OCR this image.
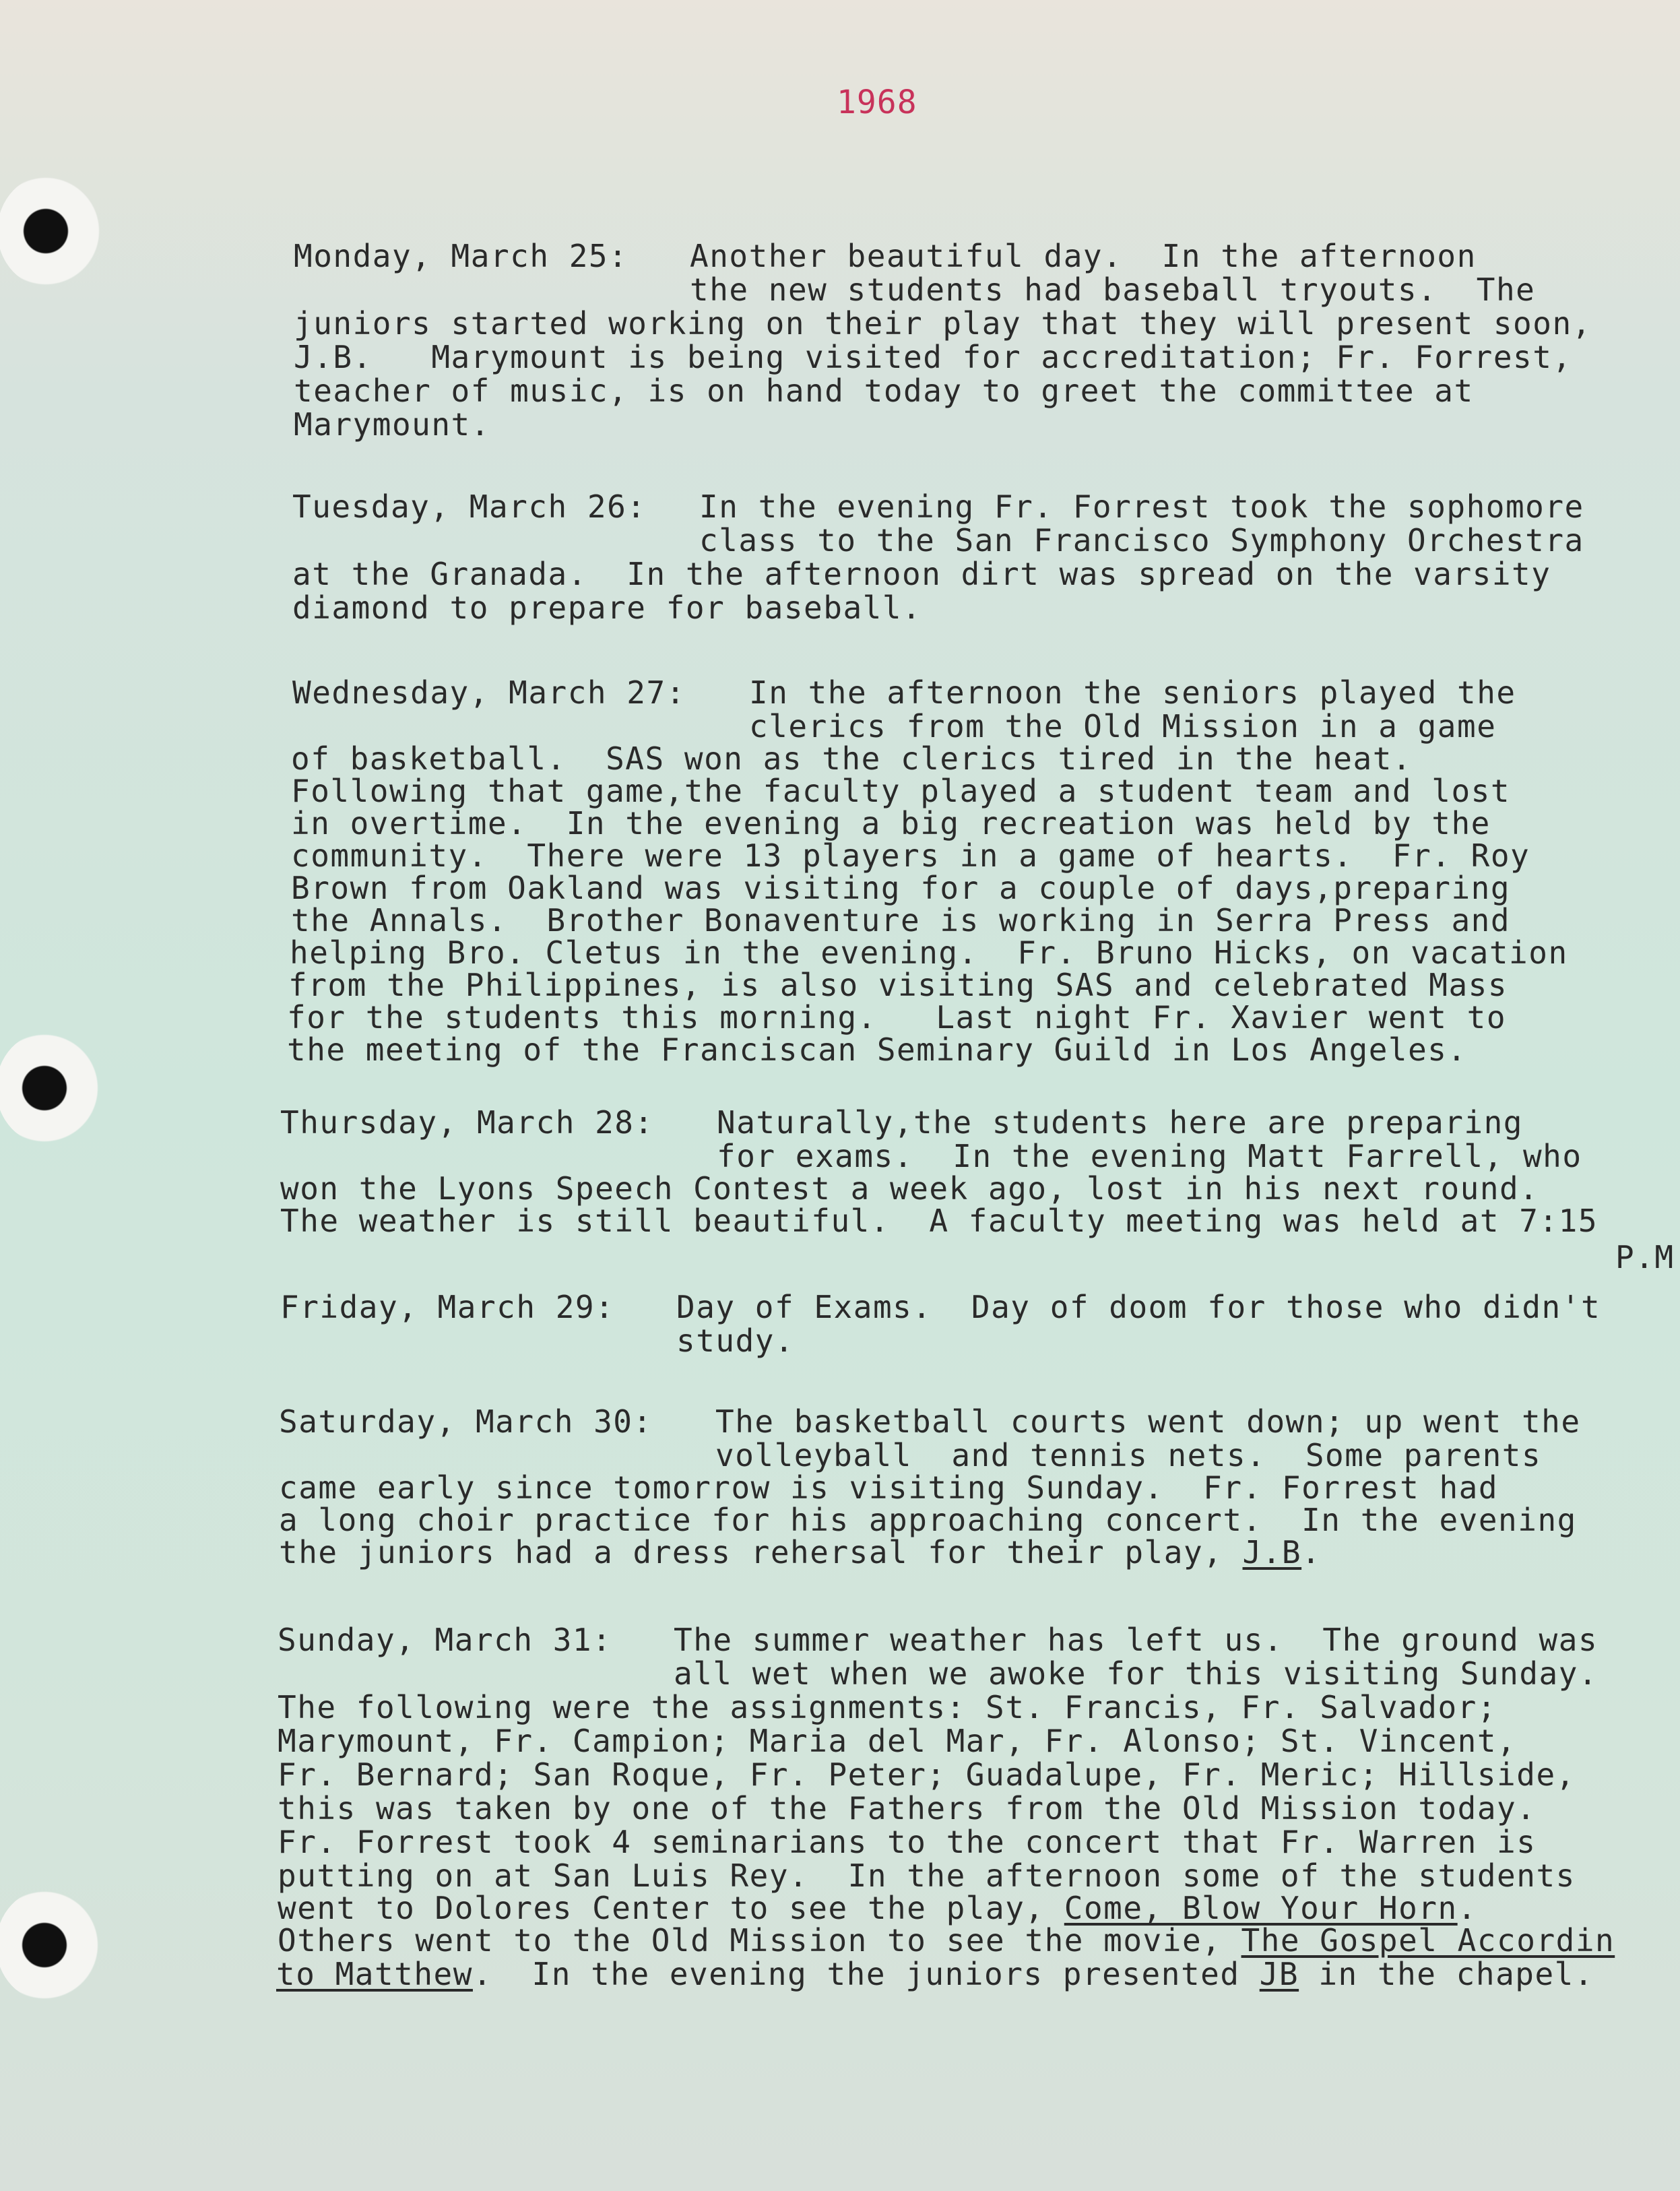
1968
Monday, March 25: Another beautiful day.  In the afternoon
the new students had baseball tryouts.  The
juniors started working on their play that they will present soon,
J.B.   Marymount is being visited for accreditation; Fr. Forrest,
teacher of music, is on hand today to greet the committee at
Marymount.
Tuesday, March 26: In the evening Fr. Forrest took the sophomore
class to the San Francisco Symphony Orchestra
at the Granada.  In the afternoon dirt was spread on the varsity
diamond to prepare for baseball.
Wednesday, March 27: In the afternoon the seniors played the
clerics from the Old Mission in a game
of basketball.  SAS won as the clerics tired in the heat.
Following that game,the faculty played a student team and lost
in overtime.  In the evening a big recreation was held by the
community.  There were 13 players in a game of hearts.  Fr. Roy
Brown from Oakland was visiting for a couple of days,preparing
the Annals.  Brother Bonaventure is working in Serra Press and
helping Bro. Cletus in the evening.  Fr. Bruno Hicks, on vacation
from the Philippines, is also visiting SAS and celebrated Mass
for the students this morning.   Last night Fr. Xavier went to
the meeting of the Franciscan Seminary Guild in Los Angeles.
Thursday, March 28: Naturally,the students here are preparing
for exams.  In the evening Matt Farrell, who
won the Lyons Speech Contest a week ago, lost in his next round.
The weather is still beautiful.  A faculty meeting was held at 7:15
P.M
Friday, March 29: Day of Exams.  Day of doom for those who didn't
study.
Saturday, March 30: The basketball courts went down; up went the
volleyball  and tennis nets.  Some parents
came early since tomorrow is visiting Sunday.  Fr. Forrest had
a long choir practice for his approaching concert.  In the evening
the juniors had a dress rehersal for their play, J.B.
Sunday, March 31: The summer weather has left us.  The ground was
all wet when we awoke for this visiting Sunday.
The following were the assignments: St. Francis, Fr. Salvador;
Marymount, Fr. Campion; Maria del Mar, Fr. Alonso; St. Vincent,
Fr. Bernard; San Roque, Fr. Peter; Guadalupe, Fr. Meric; Hillside,
this was taken by one of the Fathers from the Old Mission today.
Fr. Forrest took 4 seminarians to the concert that Fr. Warren is
putting on at San Luis Rey.  In the afternoon some of the students
went to Dolores Center to see the play, Come, Blow Your Horn.
Others went to the Old Mission to see the movie, The Gospel Accordin
to Matthew.  In the evening the juniors presented JB in the chapel.
